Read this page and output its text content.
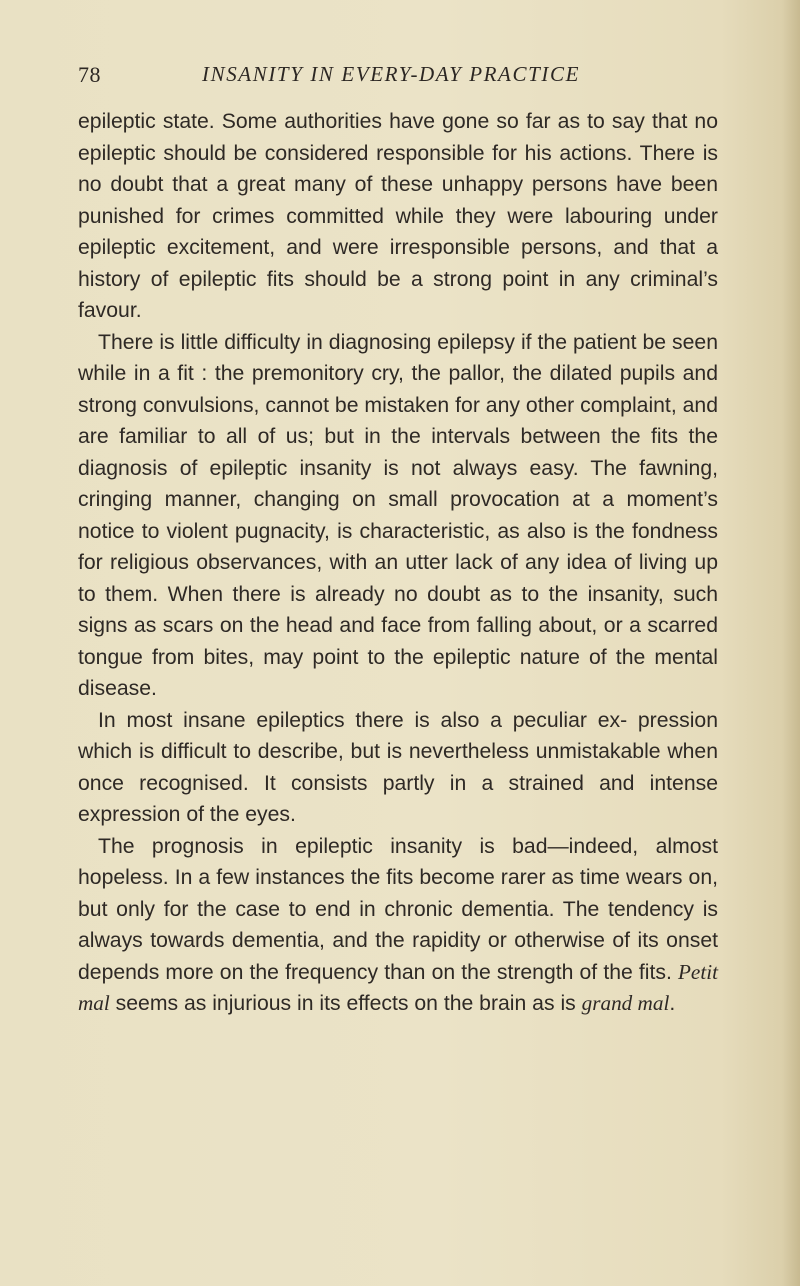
78	INSANITY IN EVERY-DAY PRACTICE

epileptic state. Some authorities have gone so far as to say that no epileptic should be considered responsible for his actions. There is no doubt that a great many of these unhappy persons have been punished for crimes committed while they were labouring under epileptic excitement, and were irresponsible persons, and that a history of epileptic fits should be a strong point in any criminal’s favour.

There is little difficulty in diagnosing epilepsy if the patient be seen while in a fit : the premonitory cry, the pallor, the dilated pupils and strong convulsions, cannot be mistaken for any other complaint, and are familiar to all of us; but in the intervals between the fits the diagnosis of epileptic insanity is not always easy. The fawning, cringing manner, changing on small provocation at a moment’s notice to violent pugnacity, is characteristic, as also is the fondness for religious observances, with an utter lack of any idea of living up to them. When there is already no doubt as to the insanity, such signs as scars on the head and face from falling about, or a scarred tongue from bites, may point to the epileptic nature of the mental disease.

In most insane epileptics there is also a peculiar ex- pression which is difficult to describe, but is nevertheless unmistakable when once recognised. It consists partly in a strained and intense expression of the eyes.

The prognosis in epileptic insanity is bad—indeed, almost hopeless. In a few instances the fits become rarer as time wears on, but only for the case to end in chronic dementia. The tendency is always towards dementia, and the rapidity or otherwise of its onset depends more on the frequency than on the strength of the fits. Petit mal seems as injurious in its effects on the brain as is grand mal.
